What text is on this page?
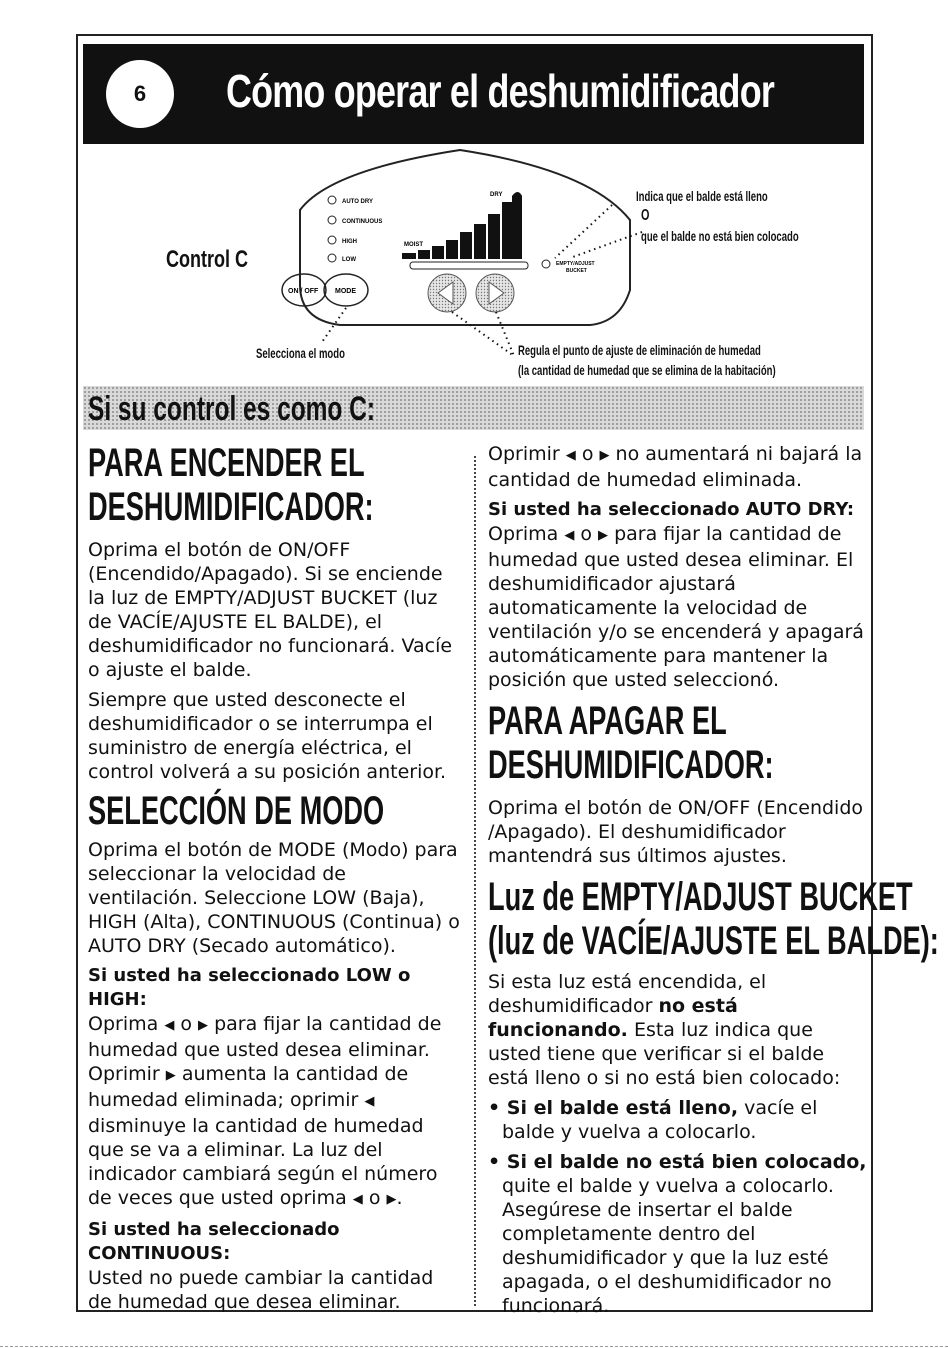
6	Cómo operar el deshumidificador
AUTO DRY
CONTINUOUS
HIGH
LOW
MOIST
DRY
EMPTY/ADJUST
BUCKET
ON / OFF MODE
Control C
Indica que el balde está lleno
O
que el balde no está bien colocado
Selecciona el modo	Regula el punto de ajuste de eliminación de humedad
(la cantidad de humedad que se elimina de la habitación)
Si su control es como C:
PARA ENCENDER EL
DESHUMIDIFICADOR:

Oprima el botón de ON/OFF (Encendido/Apagado). Si se enciende la luz de EMPTY/ADJUST BUCKET (luz de VACÍE/AJUSTE EL BALDE), el deshumidificador no funcionará. Vacíe o ajuste el balde.

Siempre que usted desconecte el deshumidificador o se interrumpa el suministro de energía eléctrica, el control volverá a su posición anterior.

SELECCIÓN DE MODO

Oprima el botón de MODE (Modo) para seleccionar la velocidad de ventilación. Seleccione LOW (Baja), HIGH (Alta), CONTINUOUS (Continua) o AUTO DRY (Secado automático).

Si usted ha seleccionado LOW o HIGH:

Oprima ◀ o ▶ para fijar la cantidad de humedad que usted desea eliminar. Oprimir ▶ aumenta la cantidad de humedad eliminada; oprimir ◀ disminuye la cantidad de humedad que se va a eliminar. La luz del indicador cambiará según el número de veces que usted oprima ◀ o ▶.

Si usted ha seleccionado CONTINUOUS:

Usted no puede cambiar la cantidad de humedad que desea eliminar.

Oprimir ◀ o ▶ no aumentará ni bajará la cantidad de humedad eliminada.

Si usted ha seleccionado AUTO DRY:

Oprima ◀ o ▶ para fijar la cantidad de humedad que usted desea eliminar. El deshumidificador ajustará automaticamente la velocidad de ventilación y/o se encenderá y apagará automáticamente para mantener la posición que usted seleccionó.

PARA APAGAR EL
DESHUMIDIFICADOR:

Oprima el botón de ON/OFF (Encendido /Apagado). El deshumidificador mantendrá sus últimos ajustes.

Luz de EMPTY/ADJUST BUCKET
(luz de VACÍE/AJUSTE EL BALDE):

Si esta luz está encendida, el deshumidificador no está funcionando. Esta luz indica que usted tiene que verificar si el balde está lleno o si no está bien colocado:

• Si el balde está lleno, vacíe el balde y vuelva a colocarlo.
• Si el balde no está bien colocado, quite el balde y vuelva a colocarlo. Asegúrese de insertar el balde completamente dentro del deshumidificador y que la luz esté apagada, o el deshumidificador no funcionará.
